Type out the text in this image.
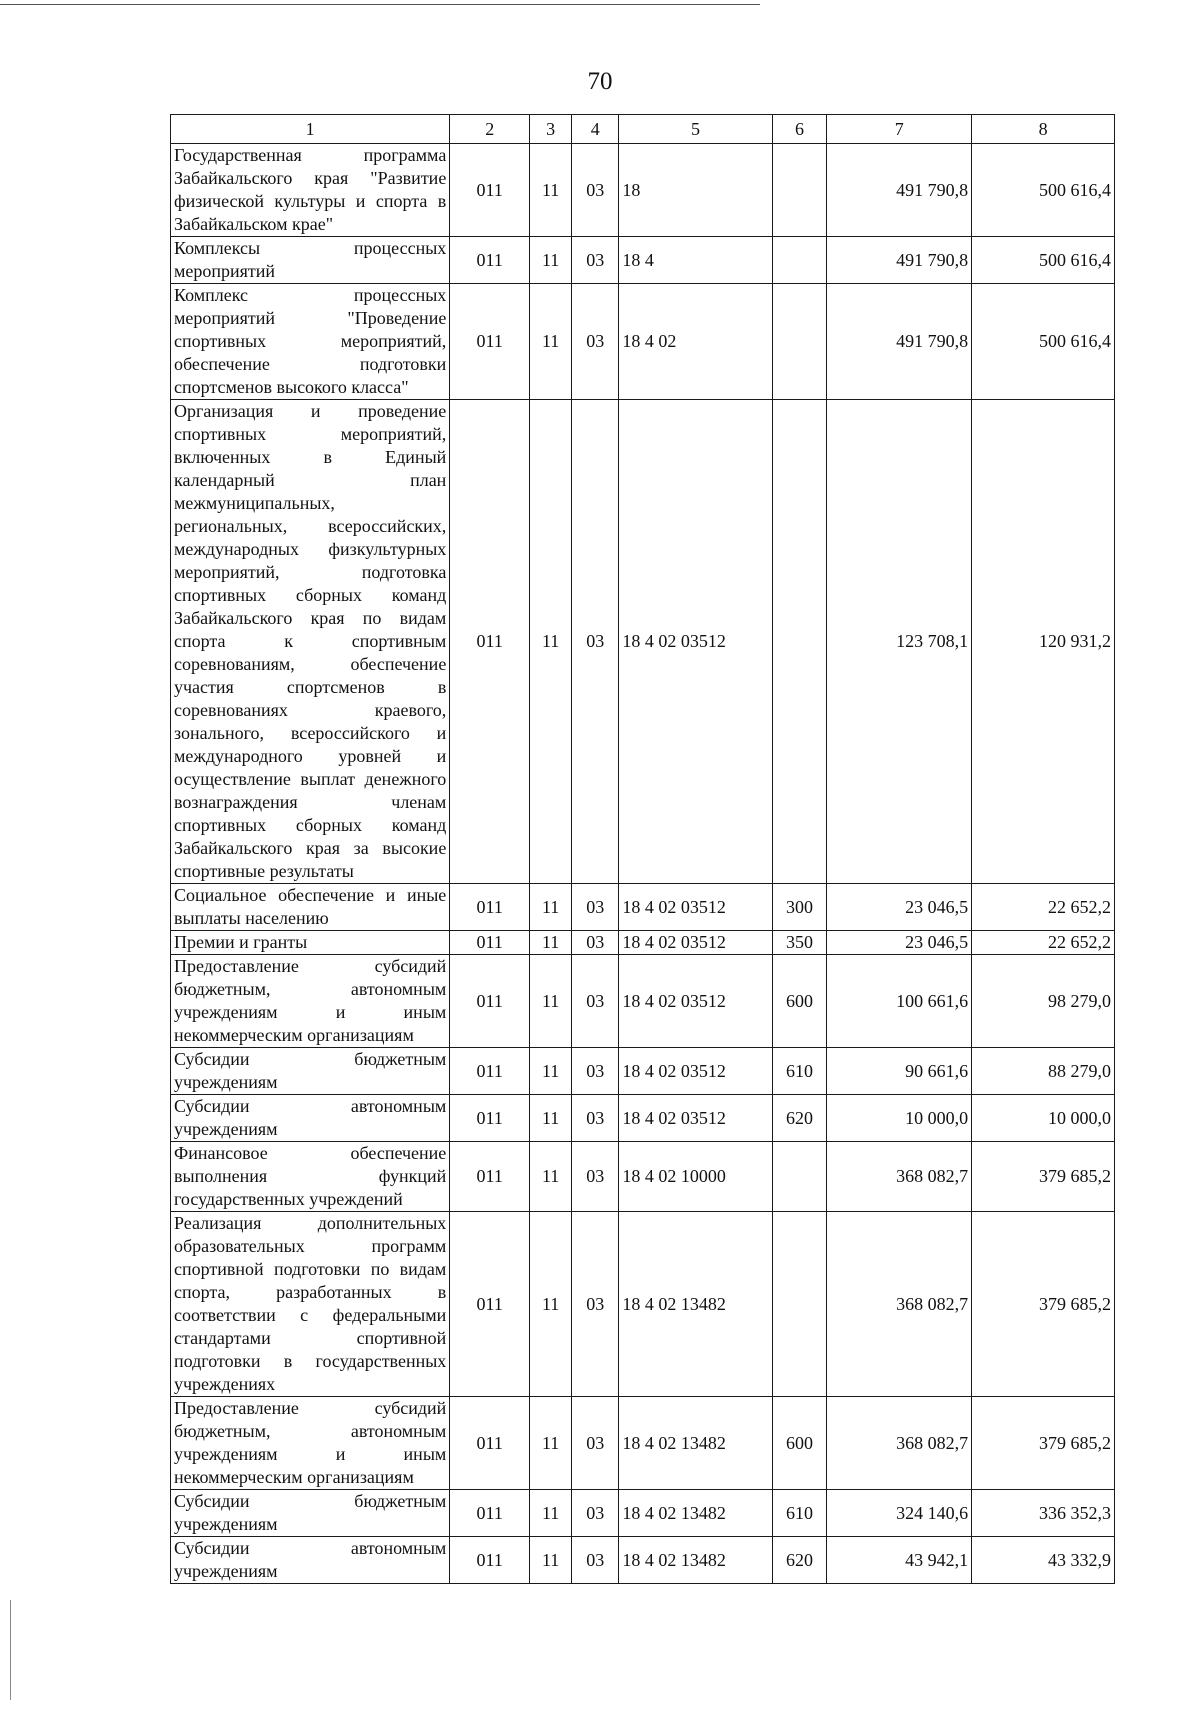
70
1	2	3	4	5	6	7	8
Государственная программа Забайкальского края "Развитие физической культуры и спорта в Забайкальском крае"	011	11	03	18		491 790,8	500 616,4
Комплексы процессных мероприятий	011	11	03	18 4		491 790,8	500 616,4
Комплекс процессных мероприятий "Проведение спортивных мероприятий, обеспечение подготовки спортсменов высокого класса"	011	11	03	18 4 02		491 790,8	500 616,4
Организация и проведение спортивных мероприятий, включенных в Единый календарный план межмуниципальных, региональных, всероссийских, международных физкультурных мероприятий, подготовка спортивных сборных команд Забайкальского края по видам спорта к спортивным соревнованиям, обеспечение участия спортсменов в соревнованиях краевого, зонального, всероссийского и международного уровней и осуществление выплат денежного вознаграждения членам спортивных сборных команд Забайкальского края за высокие спортивные результаты	011	11	03	18 4 02 03512		123 708,1	120 931,2
Социальное обеспечение и иные выплаты населению	011	11	03	18 4 02 03512	300	23 046,5	22 652,2
Премии и гранты	011	11	03	18 4 02 03512	350	23 046,5	22 652,2
Предоставление субсидий бюджетным, автономным учреждениям и иным некоммерческим организациям	011	11	03	18 4 02 03512	600	100 661,6	98 279,0
Субсидии бюджетным учреждениям	011	11	03	18 4 02 03512	610	90 661,6	88 279,0
Субсидии автономным учреждениям	011	11	03	18 4 02 03512	620	10 000,0	10 000,0
Финансовое обеспечение выполнения функций государственных учреждений	011	11	03	18 4 02 10000		368 082,7	379 685,2
Реализация дополнительных образовательных программ спортивной подготовки по видам спорта, разработанных в соответствии с федеральными стандартами спортивной подготовки в государственных учреждениях	011	11	03	18 4 02 13482		368 082,7	379 685,2
Предоставление субсидий бюджетным, автономным учреждениям и иным некоммерческим организациям	011	11	03	18 4 02 13482	600	368 082,7	379 685,2
Субсидии бюджетным учреждениям	011	11	03	18 4 02 13482	610	324 140,6	336 352,3
Субсидии автономным учреждениям	011	11	03	18 4 02 13482	620	43 942,1	43 332,9
